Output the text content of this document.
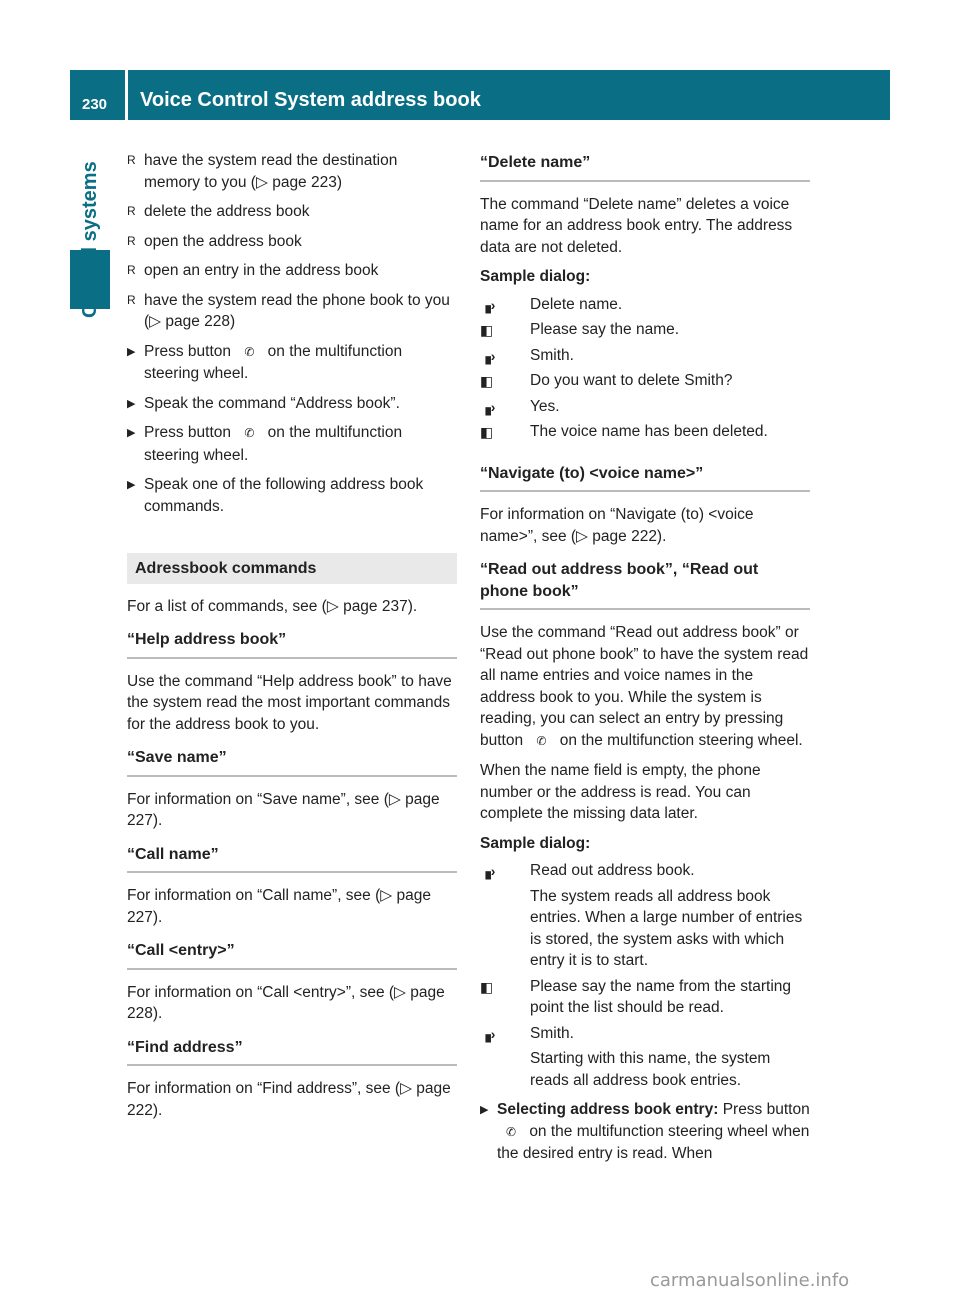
230 Voice Control System address book
Control systems
R have the system read the destination memory to you (▷ page 223)
R delete the address book
R open the address book
R open an entry in the address book
R have the system read the phone book to you (▷ page 228)
▶ Press button ✆ on the multifunction steering wheel.
▶ Speak the command “Address book”.
▶ Press button ✆ on the multifunction steering wheel.
▶ Speak one of the following address book commands.
Adressbook commands

For a list of commands, see (▷ page 237).

“Help address book”

Use the command “Help address book” to have the system read the most important commands for the address book to you.

“Save name”

For information on “Save name”, see (▷ page 227).

“Call name”

For information on “Call name”, see (▷ page 227).

“Call <entry>”

For information on “Call <entry>”, see (▷ page 228).

“Find address”

For information on “Find address”, see (▷ page 222).

“Delete name”

The command “Delete name” deletes a voice name for an address book entry. The address data are not deleted.

Sample dialog:
▗›	Delete name.
◧	Please say the name.
▗›	Smith.
◧	Do you want to delete Smith?
▗›	Yes.
◧	The voice name has been deleted.
“Navigate (to) <voice name>”

For information on “Navigate (to) <voice name>”, see (▷ page 222).

“Read out address book”, “Read out phone book”

Use the command “Read out address book” or “Read out phone book” to have the system read all name entries and voice names in the address book to you. While the system is reading, you can select an entry by pressing button ✆ on the multifunction steering wheel.

When the name field is empty, the phone number or the address is read. You can complete the missing data later.

Sample dialog:
▗›	Read out address book.
The system reads all address book entries. When a large number of entries is stored, the system asks with which entry it is to start.
◧	Please say the name from the starting point the list should be read.
▗›	Smith.
Starting with this name, the system reads all address book entries.
▶ Selecting address book entry: Press button ✆ on the multifunction steering wheel when the desired entry is read. When
carmanualsonline.info
